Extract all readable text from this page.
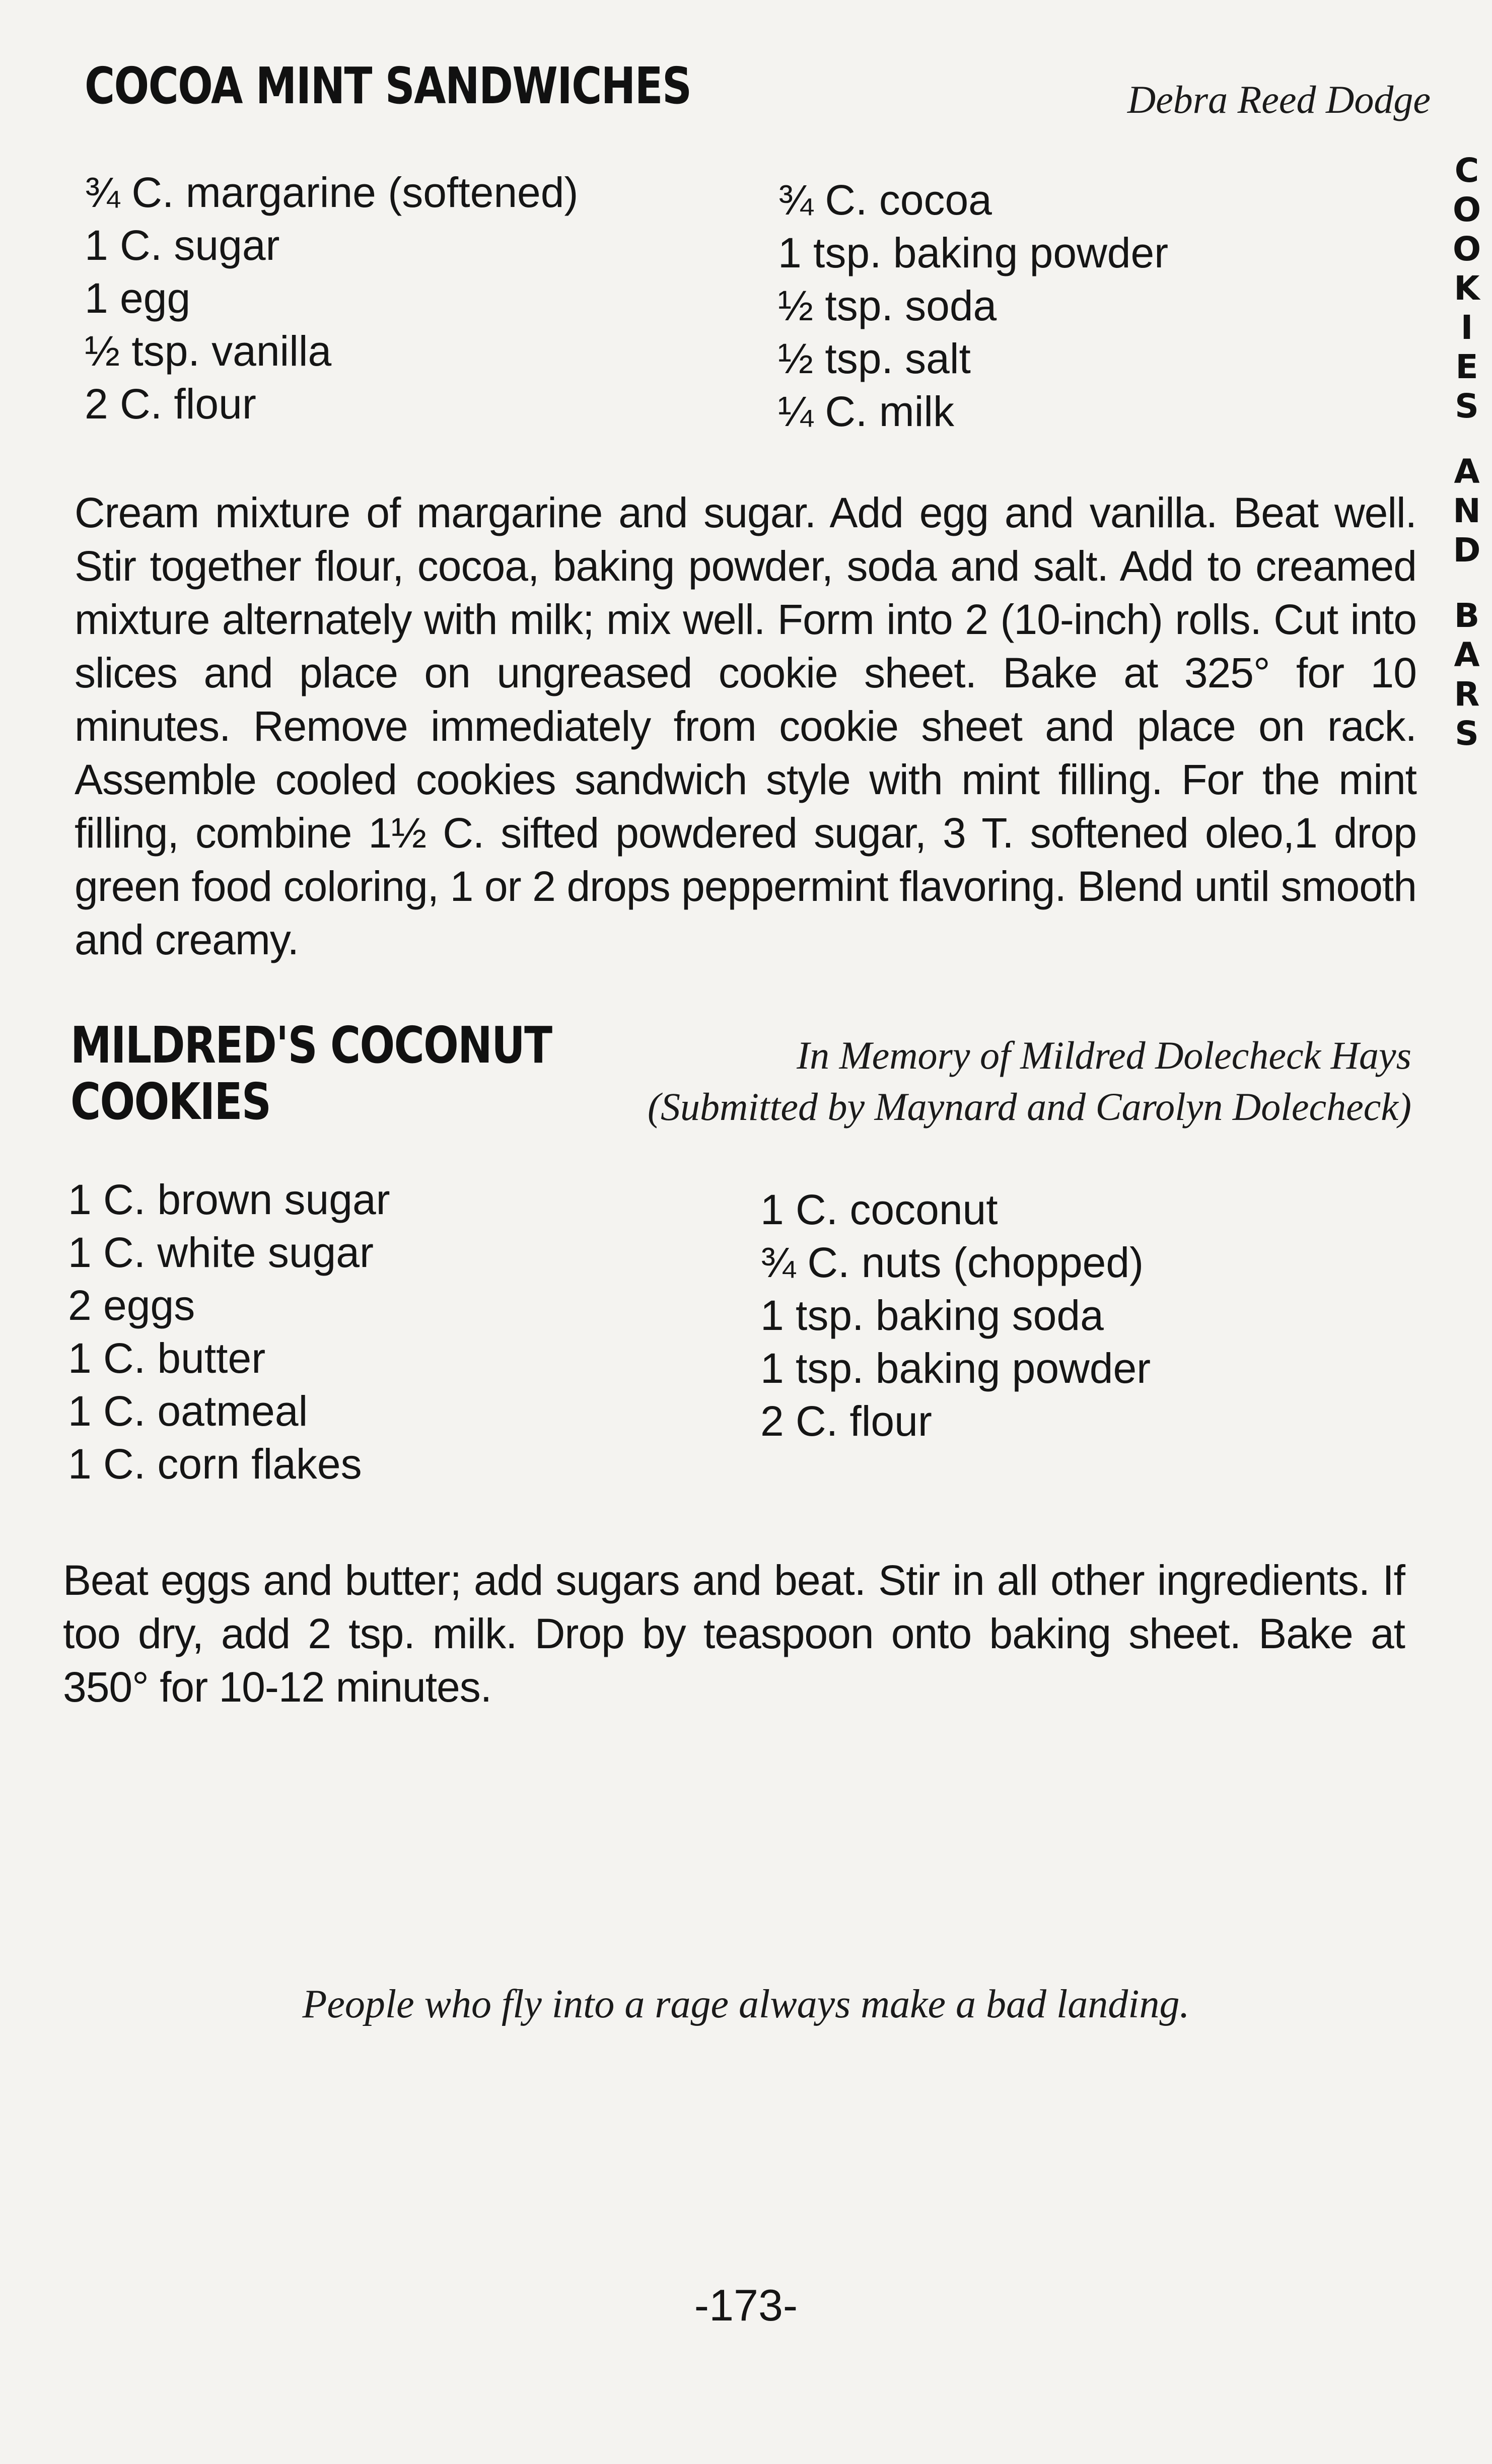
C
O
O
K
I
E
S
A
N
D
B
A
R
S
COCOA MINT SANDWICHES	Debra Reed Dodge
¾ C. margarine (softened)
1 C. sugar
1 egg
½ tsp. vanilla
2 C. flour
¾ C. cocoa
1 tsp. baking powder
½ tsp. soda
½ tsp. salt
¼ C. milk

Cream mixture of margarine and sugar. Add egg and vanilla. Beat well. Stir together flour, cocoa, baking powder, soda and salt. Add to creamed mixture alternately with milk; mix well. Form into 2 (10-inch) rolls. Cut into slices and place on ungreased cookie sheet. Bake at 325° for 10 minutes. Remove immediately from cookie sheet and place on rack. Assemble cooled cookies sandwich style with mint filling. For the mint filling, combine 1½ C. sifted powdered sugar, 3 T. softened oleo,1 drop green food coloring, 1 or 2 drops peppermint flavoring. Blend until smooth and creamy.

MILDRED'S COCONUT
COOKIES
In Memory of Mildred Dolecheck Hays
(Submitted by Maynard and Carolyn Dolecheck)
1 C. brown sugar
1 C. white sugar
2 eggs
1 C. butter
1 C. oatmeal
1 C. corn flakes
1 C. coconut
¾ C. nuts (chopped)
1 tsp. baking soda
1 tsp. baking powder
2 C. flour

Beat eggs and butter; add sugars and beat. Stir in all other ingredients. If too dry, add 2 tsp. milk. Drop by teaspoon onto baking sheet. Bake at 350° for 10-12 minutes.

People who fly into a rage always make a bad landing.
-173-
